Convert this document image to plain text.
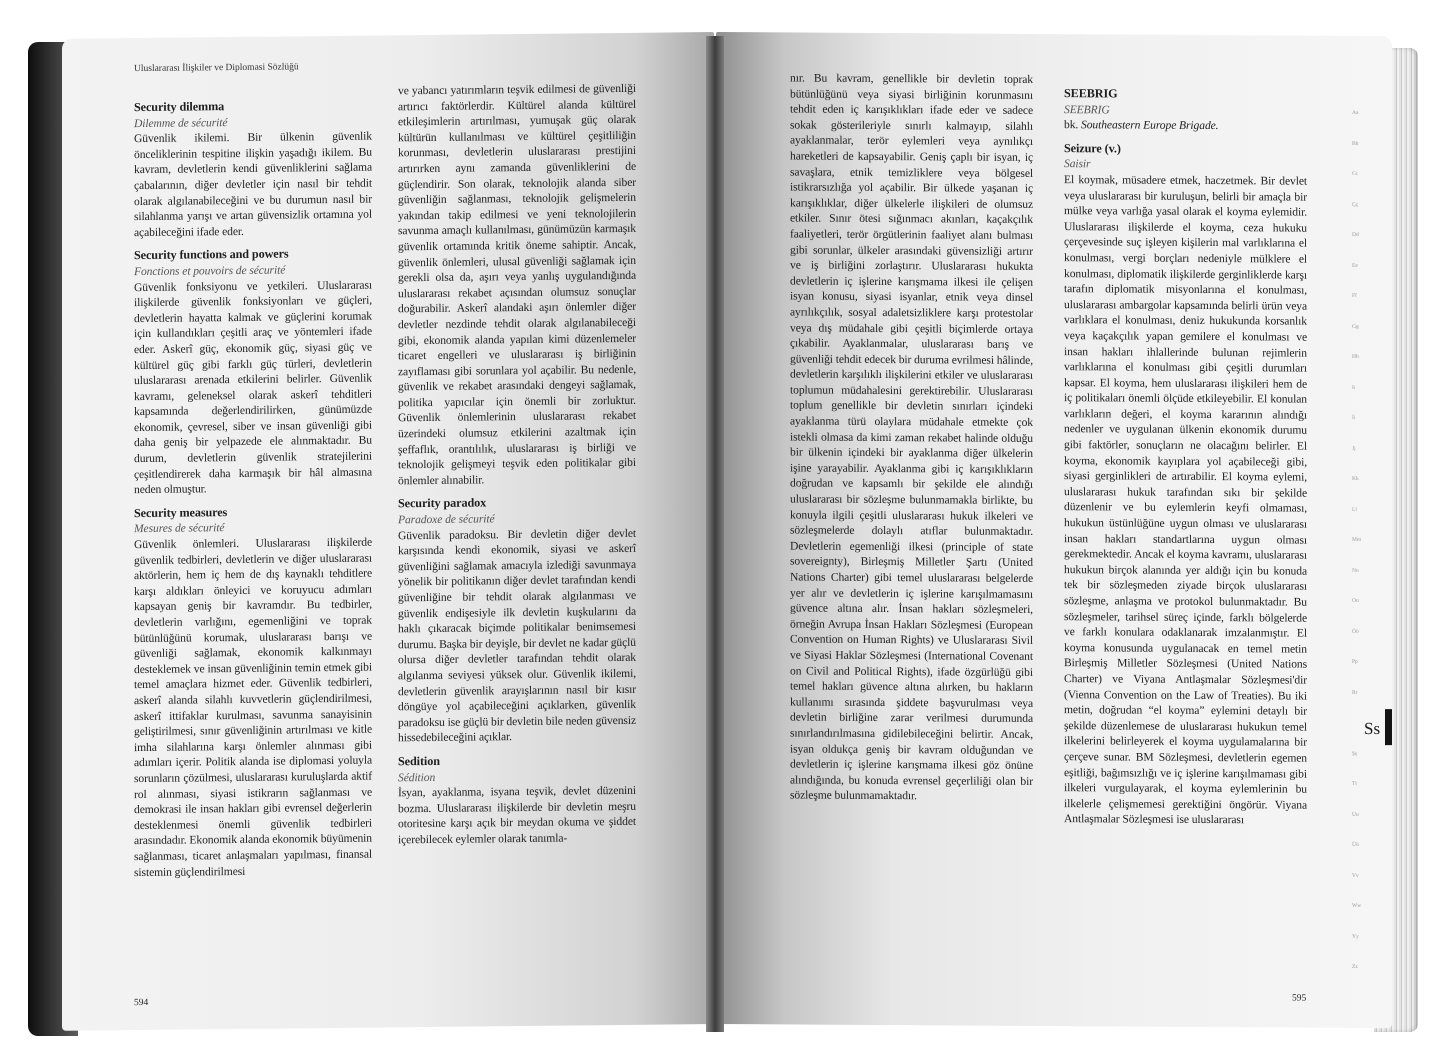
Uluslararası İlişkiler ve Diplomasi Sözlüğü

Security dilemma

Dilemme de sécurité

Güvenlik ikilemi. Bir ülkenin güvenlik önceliklerinin tespitine ilişkin yaşadığı ikilem. Bu kavram, devletlerin kendi güvenliklerini sağlama çabalarının, diğer devletler için nasıl bir tehdit olarak algılanabileceğini ve bu durumun nasıl bir silahlanma yarışı ve artan güvensizlik ortamına yol açabileceğini ifade eder.

Security functions and powers

Fonctions et pouvoirs de sécurité

Güvenlik fonksiyonu ve yetkileri. Uluslararası ilişkilerde güvenlik fonksiyonları ve güçleri, devletlerin hayatta kalmak ve güçlerini korumak için kullandıkları çeşitli araç ve yöntemleri ifade eder. Askerî güç, ekonomik güç, siyasi güç ve kültürel güç gibi farklı güç türleri, devletlerin uluslararası arenada etkilerini belirler. Güvenlik kavramı, geleneksel olarak askerî tehditleri kapsamında değerlendirilirken, günümüzde ekonomik, çevresel, siber ve insan güvenliği gibi daha geniş bir yelpazede ele alınmaktadır. Bu durum, devletlerin güvenlik stratejilerini çeşitlendirerek daha karmaşık bir hâl almasına neden olmuştur.

Security measures

Mesures de sécurité

Güvenlik önlemleri. Uluslararası ilişkilerde güvenlik tedbirleri, devletlerin ve diğer uluslararası aktörlerin, hem iç hem de dış kaynaklı tehditlere karşı aldıkları önleyici ve koruyucu adımları kapsayan geniş bir kavramdır. Bu tedbirler, devletlerin varlığını, egemenliğini ve toprak bütünlüğünü korumak, uluslararası barışı ve güvenliği sağlamak, ekonomik kalkınmayı desteklemek ve insan güvenliğinin temin etmek gibi temel amaçlara hizmet eder. Güvenlik tedbirleri, askerî alanda silahlı kuvvetlerin güçlendirilmesi, askerî ittifaklar kurulması, savunma sanayisinin geliştirilmesi, sınır güvenliğinin artırılması ve kitle imha silahlarına karşı önlemler alınması gibi adımları içerir. Politik alanda ise diplomasi yoluyla sorunların çözülmesi, uluslararası kuruluşlarda aktif rol alınması, siyasi istikrarın sağlanması ve demokrasi ile insan hakları gibi evrensel değerlerin desteklenmesi önemli güvenlik tedbirleri arasındadır. Ekonomik alanda ekonomik büyümenin sağlanması, ticaret anlaşmaları yapılması, finansal sistemin güçlendirilmesi

ve yabancı yatırımların teşvik edilmesi de güvenliği artırıcı faktörlerdir. Kültürel alanda kültürel etkileşimlerin artırılması, yumuşak güç olarak kültürün kullanılması ve kültürel çeşitliliğin korunması, devletlerin uluslararası prestijini artırırken aynı zamanda güvenliklerini de güçlendirir. Son olarak, teknolojik alanda siber güvenliğin sağlanması, teknolojik gelişmelerin yakından takip edilmesi ve yeni teknolojilerin savunma amaçlı kullanılması, günümüzün karmaşık güvenlik ortamında kritik öneme sahiptir. Ancak, güvenlik önlemleri, ulusal güvenliği sağlamak için gerekli olsa da, aşırı veya yanlış uygulandığında uluslararası rekabet açısından olumsuz sonuçlar doğurabilir. Askerî alandaki aşırı önlemler diğer devletler nezdinde tehdit olarak algılanabileceği gibi, ekonomik alanda yapılan kimi düzenlemeler ticaret engelleri ve uluslararası iş birliğinin zayıflaması gibi sorunlara yol açabilir. Bu nedenle, güvenlik ve rekabet arasındaki dengeyi sağlamak, politika yapıcılar için önemli bir zorluktur. Güvenlik önlemlerinin uluslararası rekabet üzerindeki olumsuz etkilerini azaltmak için şeffaflık, orantılılık, uluslararası iş birliği ve teknolojik gelişmeyi teşvik eden politikalar gibi önlemler alınabilir.

Security paradox

Paradoxe de sécurité

Güvenlik paradoksu. Bir devletin diğer devlet karşısında kendi ekonomik, siyasi ve askerî güvenliğini sağlamak amacıyla izlediği savunmaya yönelik bir politikanın diğer devlet tarafından kendi güvenliğine bir tehdit olarak algılanması ve güvenlik endişesiyle ilk devletin kuşkularını da haklı çıkaracak biçimde politikalar benimsemesi durumu. Başka bir deyişle, bir devlet ne kadar güçlü olursa diğer devletler tarafından tehdit olarak algılanma seviyesi yüksek olur. Güvenlik ikilemi, devletlerin güvenlik arayışlarının nasıl bir kısır döngüye yol açabileceğini açıklarken, güvenlik paradoksu ise güçlü bir devletin bile neden güvensiz hissedebileceğini açıklar.

Sedition

Sédition

İsyan, ayaklanma, isyana teşvik, devlet düzenini bozma. Uluslararası ilişkilerde bir devletin meşru otoritesine karşı açık bir meydan okuma ve şiddet içerebilecek eylemler olarak tanımla-

594

nır. Bu kavram, genellikle bir devletin toprak bütünlüğünü veya siyasi birliğinin korunmasını tehdit eden iç karışıklıkları ifade eder ve sadece sokak gösterileriyle sınırlı kalmayıp, silahlı ayaklanmalar, terör eylemleri veya aynılıkçı hareketleri de kapsayabilir. Geniş çaplı bir isyan, iç savaşlara, etnik temizliklere veya bölgesel istikrarsızlığa yol açabilir. Bir ülkede yaşanan iç karışıklıklar, diğer ülkelerle ilişkileri de olumsuz etkiler. Sınır ötesi sığınmacı akınları, kaçakçılık faaliyetleri, terör örgütlerinin faaliyet alanı bulması gibi sorunlar, ülkeler arasındaki güvensizliği artırır ve iş birliğini zorlaştırır. Uluslararası hukukta devletlerin iç işlerine karışmama ilkesi ile çelişen isyan konusu, siyasi isyanlar, etnik veya dinsel ayrılıkçılık, sosyal adaletsizliklere karşı protestolar veya dış müdahale gibi çeşitli biçimlerde ortaya çıkabilir. Ayaklanmalar, uluslararası barış ve güvenliği tehdit edecek bir duruma evrilmesi hâlinde, devletlerin karşılıklı ilişkilerini etkiler ve uluslararası toplumun müdahalesini gerektirebilir. Uluslararası toplum genellikle bir devletin sınırları içindeki ayaklanma türü olaylara müdahale etmekte çok istekli olmasa da kimi zaman rekabet halinde olduğu bir ülkenin içindeki bir ayaklanma diğer ülkelerin işine yarayabilir. Ayaklanma gibi iç karışıklıkların doğrudan ve kapsamlı bir şekilde ele alındığı uluslararası bir sözleşme bulunmamakla birlikte, bu konuyla ilgili çeşitli uluslararası hukuk ilkeleri ve sözleşmelerde dolaylı atıflar bulunmaktadır. Devletlerin egemenliği ilkesi (principle of state sovereignty), Birleşmiş Milletler Şartı (United Nations Charter) gibi temel uluslararası belgelerde yer alır ve devletlerin iç işlerine karışılmamasını güvence altına alır. İnsan hakları sözleşmeleri, örneğin Avrupa İnsan Hakları Sözleşmesi (European Convention on Human Rights) ve Uluslararası Sivil ve Siyasi Haklar Sözleşmesi (International Covenant on Civil and Political Rights), ifade özgürlüğü gibi temel hakları güvence altına alırken, bu hakların kullanımı sırasında şiddete başvurulması veya devletin birliğine zarar verilmesi durumunda sınırlandırılmasına gidilebileceğini belirtir. Ancak, isyan oldukça geniş bir kavram olduğundan ve devletlerin iç işlerine karışmama ilkesi göz önüne alındığında, bu konuda evrensel geçerliliği olan bir sözleşme bulunmamaktadır.

SEEBRIG

SEEBRIG

bk. Southeastern Europe Brigade.

Seizure (v.)

Saisir

El koymak, müsadere etmek, haczetmek. Bir devlet veya uluslararası bir kuruluşun, belirli bir amaçla bir mülke veya varlığa yasal olarak el koyma eylemidir. Uluslararası ilişkilerde el koyma, ceza hukuku çerçevesinde suç işleyen kişilerin mal varlıklarına el konulması, vergi borçları nedeniyle mülklere el konulması, diplomatik ilişkilerde gerginliklerde karşı tarafın diplomatik misyonlarına el konulması, uluslararası ambargolar kapsamında belirli ürün veya varlıklara el konulması, deniz hukukunda korsanlık veya kaçakçılık yapan gemilere el konulması ve insan hakları ihlallerinde bulunan rejimlerin varlıklarına el konulması gibi çeşitli durumları kapsar. El koyma, hem uluslararası ilişkileri hem de iç politikaları önemli ölçüde etkileyebilir. El konulan varlıkların değeri, el koyma kararının alındığı nedenler ve uygulanan ülkenin ekonomik durumu gibi faktörler, sonuçların ne olacağını belirler. El koyma, ekonomik kayıplara yol açabileceği gibi, siyasi gerginlikleri de artırabilir. El koyma eylemi, uluslararası hukuk tarafından sıkı bir şekilde düzenlenir ve bu eylemlerin keyfi olmaması, hukukun üstünlüğüne uygun olması ve uluslararası insan hakları standartlarına uygun olması gerekmektedir. Ancak el koyma kavramı, uluslararası hukukun birçok alanında yer aldığı için bu konuda tek bir sözleşmeden ziyade birçok uluslararası sözleşme, anlaşma ve protokol bulunmaktadır. Bu sözleşmeler, tarihsel süreç içinde, farklı bölgelerde ve farklı konulara odaklanarak imzalanmıştır. El koyma konusunda uygulanacak en temel metin Birleşmiş Milletler Sözleşmesi (United Nations Charter) ve Viyana Antlaşmalar Sözleşmesi'dir (Vienna Convention on the Law of Treaties). Bu iki metin, doğrudan “el koyma” eylemini detaylı bir şekilde düzenlemese de uluslararası hukukun temel ilkelerini belirleyerek el koyma uygulamalarına bir çerçeve sunar. BM Sözleşmesi, devletlerin egemen eşitliği, bağımsızlığı ve iç işlerine karışılmaması gibi ilkeleri vurgulayarak, el koyma eylemlerinin bu ilkelerle çelişmemesi gerektiğini öngörür. Viyana Antlaşmalar Sözleşmesi ise uluslararası

Aa
Bb
Cc
Çç
Dd
Ee
Ff
Gg
Hh
Iı
İi
Jj
Kk
Ll
Mm
Nn
Oo
Öö
Pp
Rr
Şş
Tt
Uu
Üü
Vv
Ww
Yy
Zz
Ss
595
